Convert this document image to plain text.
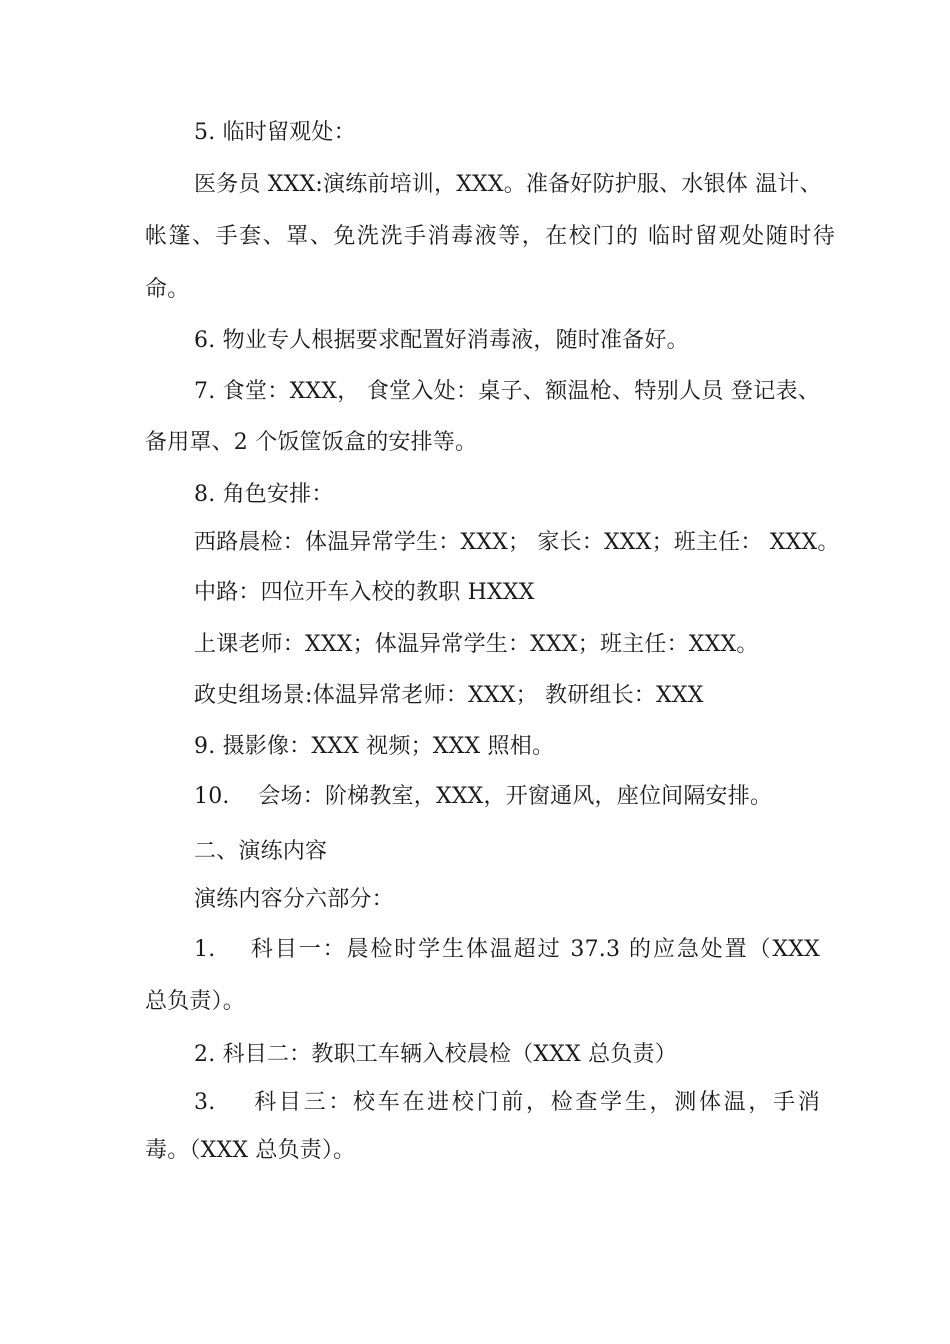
5. 临时留观处：
医务员 XXX:演练前培训，XXX。准备好防护服、水银体 温计、
帐篷、手套、罩、免洗洗手消毒液等，在校门的 临时留观处随时待
命。
6. 物业专人根据要求配置好消毒液，随时准备好。
7. 食堂：XXX， 食堂入处：桌子、额温枪、特别人员 登记表、
备用罩、2 个饭筐饭盒的安排等。
8. 角色安排：
西路晨检：体温异常学生：XXX； 家长：XXX；班主任： XXX。
中路：四位开车入校的教职 HXXX
上课老师：XXX；体温异常学生：XXX；班主任：XXX。
政史组场景:体温异常老师：XXX； 教研组长：XXX
9. 摄影像：XXX 视频；XXX 照相。
10.    会场：阶梯教室，XXX，开窗通风，座位间隔安排。
二、演练内容
演练内容分六部分：
1.    科目一：晨检时学生体温超过 37.3 的应急处置（XXX
总负责）。
2. 科目二：教职工车辆入校晨检（XXX 总负责）
3.    科目三：校车在进校门前，检查学生，测体温，手消
毒。（XXX 总负责）。
